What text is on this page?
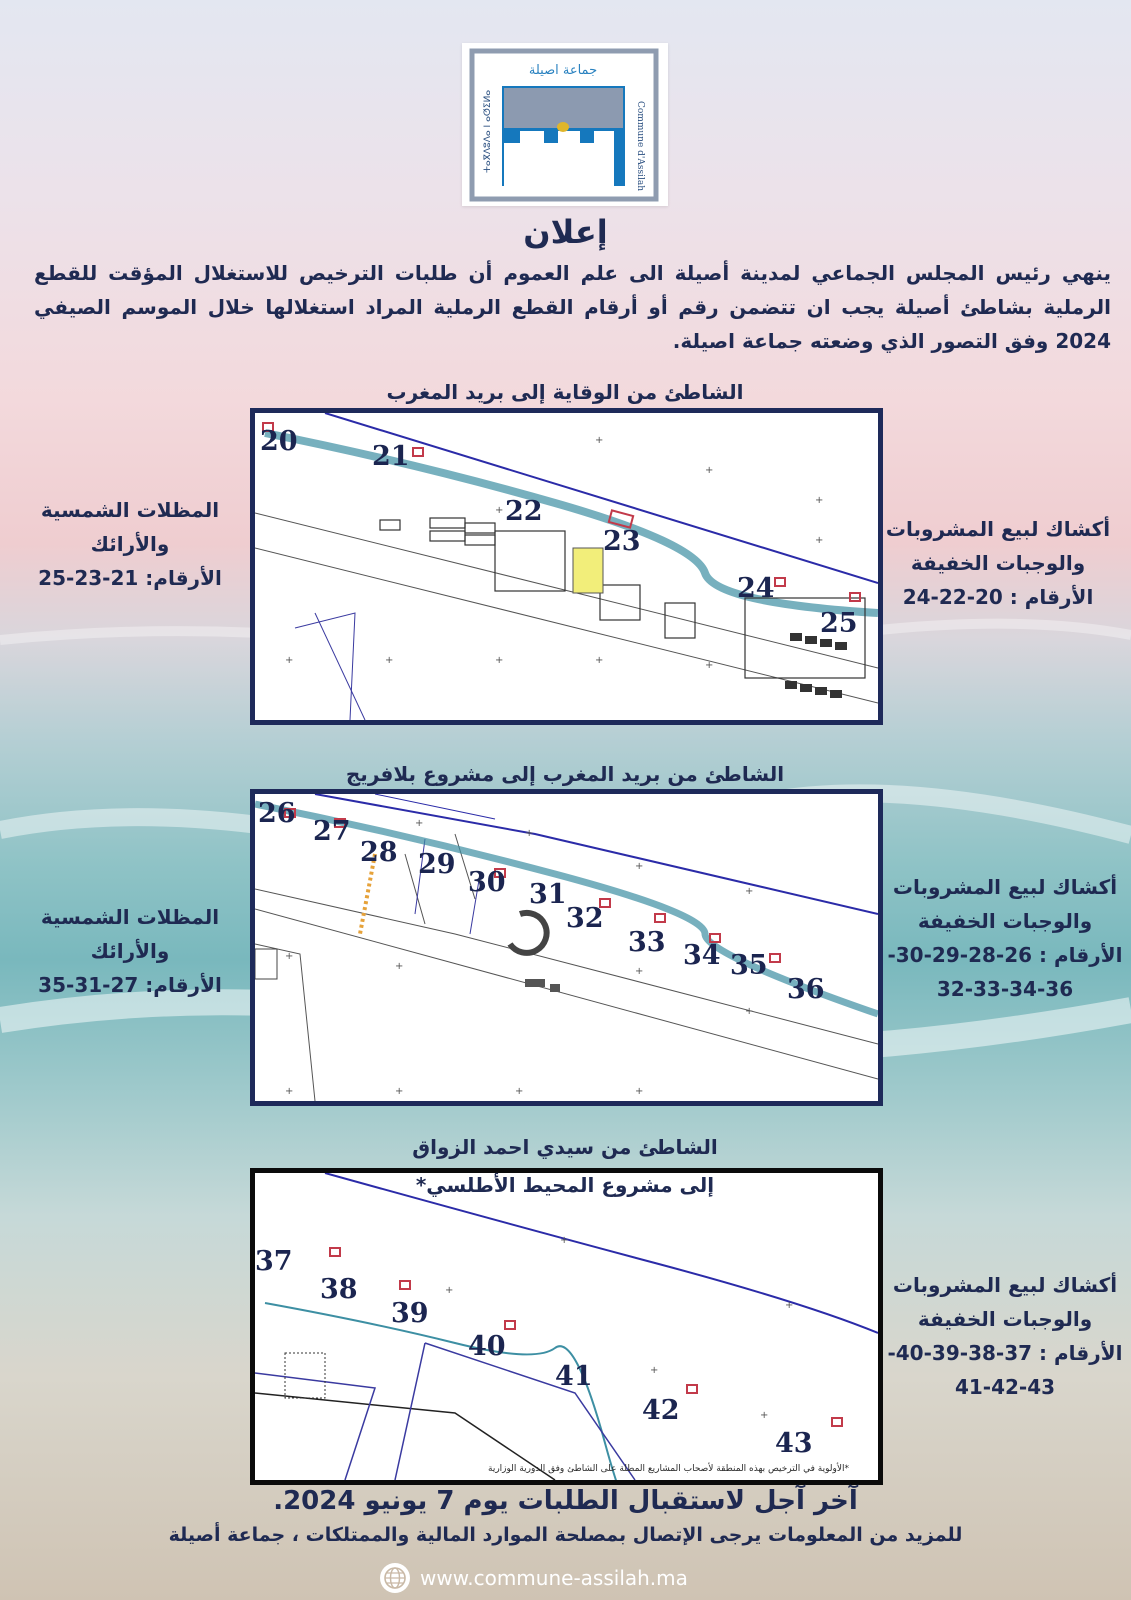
جماعة اصيلة
Commune d'Assilah
ⵜⴰⴳⴷⵓⴷⴰ ⵏ ⴰⵚⵉⵍⴰ
إعلان
ينهي رئيس المجلس الجماعي لمدينة أصيلة الى علم العموم أن طلبات الترخيص للاستغلال المؤقت للقطع الرملية بشاطئ أصيلة يجب ان تتضمن رقم أو أرقام القطع الرملية المراد استغلالها خلال الموسم الصيفي 2024 وفق التصور الذي وضعته جماعة اصيلة.
الشاطئ من الوقاية إلى بريد المغرب
+
+
+
+
+	+	+	+	+
+
20	21
22
23
24
25
المظلات الشمسية
والأرائك
الأرقام: 21-23-25
أكشاك لبيع المشروبات
والوجبات الخفيفة
الأرقام : 20-22-24
الشاطئ من بريد المغرب إلى مشروع بلافريج
+
+
+
+
+
+	+
+
+	+	+	+
26
27
28 29
30 31
32
33 34 35
36
المظلات الشمسية
والأرائك
الأرقام: 27-31-35
أكشاك لبيع المشروبات
والوجبات الخفيفة
الأرقام : 26-28-29-30-
32-33-34-36
الشاطئ من سيدي احمد الزواق
إلى مشروع المحيط الأطلسي*
+
+
+
+
+
37
38
39
40
41
42
43
*الأولوية في الترخيص بهذه المنطقة لأصحاب المشاريع المطلة على الشاطئ وفق الدورية الوزارية
أكشاك لبيع المشروبات
والوجبات الخفيفة
الأرقام : 37-38-39-40-
41-42-43
آخر آجل لاستقبال الطلبات يوم 7 يونيو 2024.
للمزيد من المعلومات يرجى الإتصال بمصلحة الموارد المالية والممتلكات ، جماعة أصيلة
www.commune-assilah.ma
